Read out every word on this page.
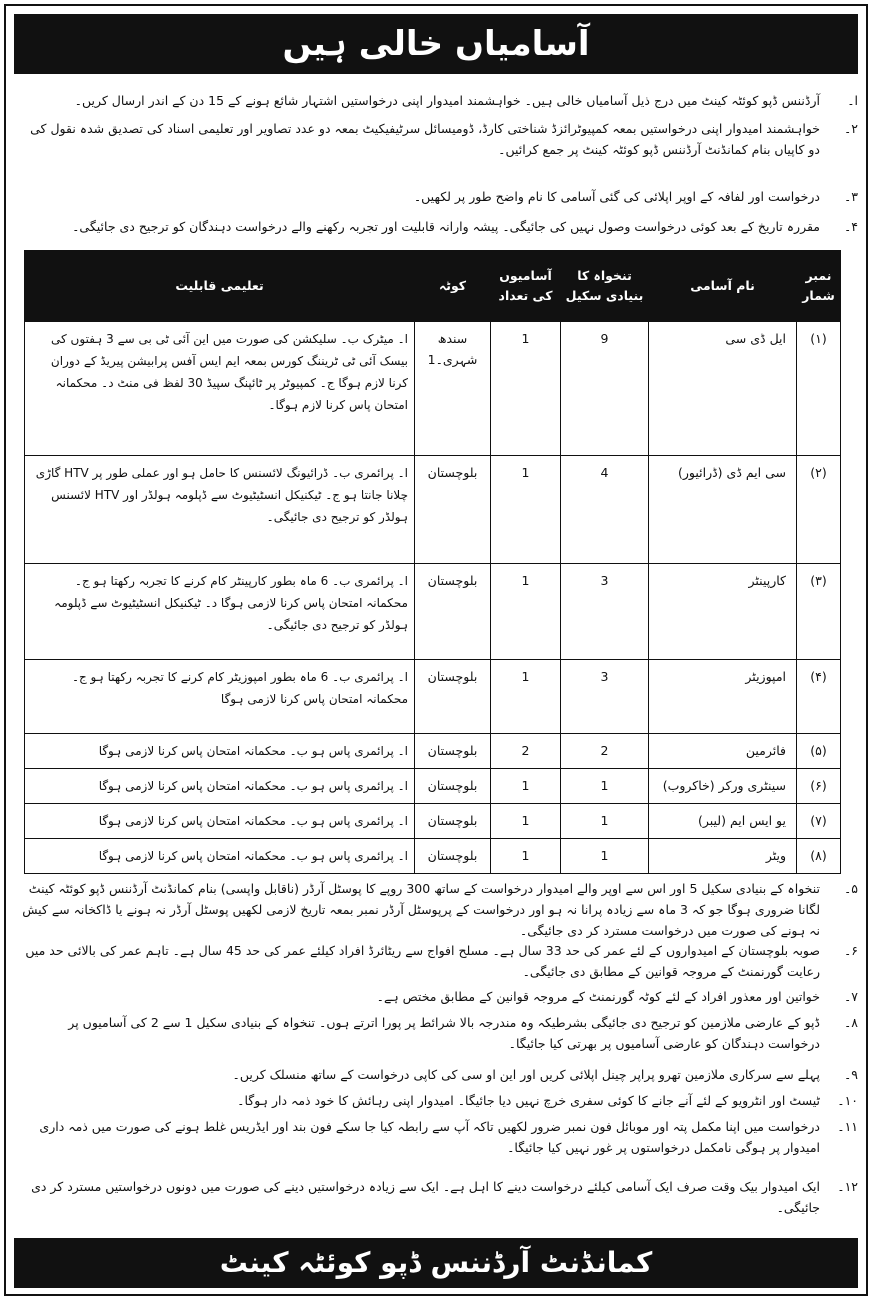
آسامیاں خالی ہیں
ا۔
آرڈننس ڈپو کوئٹہ کینٹ میں درج ذیل آسامیاں خالی ہیں۔ خواہشمند امیدوار اپنی درخواستیں اشتہار شائع ہونے کے 15 دن کے اندر ارسال کریں۔
۲۔
خواہشمند امیدوار اپنی درخواستیں بمعہ کمپیوٹرائزڈ شناختی کارڈ، ڈومیسائل سرٹیفیکیٹ بمعہ دو عدد تصاویر اور تعلیمی اسناد کی تصدیق شدہ نقول کی دو کاپیاں بنام کمانڈنٹ آرڈننس ڈپو کوئٹہ کینٹ پر جمع کرائیں۔
۳۔
درخواست اور لفافہ کے اوپر اپلائی کی گئی آسامی کا نام واضح طور پر لکھیں۔
۴۔
مقررہ تاریخ کے بعد کوئی درخواست وصول نہیں کی جائیگی۔ پیشہ وارانہ قابلیت اور تجربہ رکھنے والے درخواست دہندگان کو ترجیح دی جائیگی۔
نمبر شمار	نام آسامی	تنخواہ کا بنیادی سکیل	آسامیوں کی تعداد	کوٹہ	تعلیمی قابلیت
(۱)	ایل ڈی سی	9	1	سندھ شہری۔1	ا۔ میٹرک ب۔ سلیکشن کی صورت میں این آئی ٹی بی سے 3 ہفتوں کی بیسک آئی ٹی ٹریننگ کورس بمعہ ایم ایس آفس پرابیشن پیریڈ کے دوران کرنا لازم ہوگا ج۔ کمپیوٹر پر ٹائپنگ سپیڈ 30 لفظ فی منٹ د۔ محکمانہ امتحان پاس کرنا لازم ہوگا۔
(۲)	سی ایم ڈی (ڈرائیور)	4	1	بلوچستان	ا۔ پرائمری ب۔ ڈرائیونگ لائسنس کا حامل ہو اور عملی طور پر HTV گاڑی چلانا جانتا ہو ج۔ ٹیکنیکل انسٹیٹیوٹ سے ڈپلومہ ہولڈر اور HTV لائسنس ہولڈر کو ترجیح دی جائیگی۔
(۳)	کارپینٹر	3	1	بلوچستان	ا۔ پرائمری ب۔ 6 ماہ بطور کارپینٹر کام کرنے کا تجربہ رکھتا ہو ج۔ محکمانہ امتحان پاس کرنا لازمی ہوگا د۔ ٹیکنیکل انسٹیٹیوٹ سے ڈپلومہ ہولڈر کو ترجیح دی جائیگی۔
(۴)	امپوزیٹر	3	1	بلوچستان	ا۔ پرائمری ب۔ 6 ماہ بطور امپوزیٹر کام کرنے کا تجربہ رکھتا ہو ج۔ محکمانہ امتحان پاس کرنا لازمی ہوگا
(۵)	فائرمین	2	2	بلوچستان	ا۔ پرائمری پاس ہو ب۔ محکمانہ امتحان پاس کرنا لازمی ہوگا
(۶)	سینٹری ورکر (خاکروب)	1	1	بلوچستان	ا۔ پرائمری پاس ہو ب۔ محکمانہ امتحان پاس کرنا لازمی ہوگا
(۷)	یو ایس ایم (لیبر)	1	1	بلوچستان	ا۔ پرائمری پاس ہو ب۔ محکمانہ امتحان پاس کرنا لازمی ہوگا
(۸)	ویٹر	1	1	بلوچستان	ا۔ پرائمری پاس ہو ب۔ محکمانہ امتحان پاس کرنا لازمی ہوگا
۵۔
تنخواہ کے بنیادی سکیل 5 اور اس سے اوپر والے امیدوار درخواست کے ساتھ 300 روپے کا پوسٹل آرڈر (ناقابل واپسی) بنام کمانڈنٹ آرڈننس ڈپو کوئٹہ کینٹ لگانا ضروری ہوگا جو کہ 3 ماہ سے زیادہ پرانا نہ ہو اور درخواست کے پرپوسٹل آرڈر نمبر بمعہ تاریخ لازمی لکھیں پوسٹل آرڈر نہ ہونے یا ڈاکخانہ سے کیش نہ ہونے کی صورت میں درخواست مسترد کر دی جائیگی۔
۶۔
صوبہ بلوچستان کے امیدواروں کے لئے عمر کی حد 33 سال ہے۔ مسلح افواج سے ریٹائرڈ افراد کیلئے عمر کی حد 45 سال ہے۔ تاہم عمر کی بالائی حد میں رعایت گورنمنٹ کے مروجہ قوانین کے مطابق دی جائیگی۔
۷۔
خواتین اور معذور افراد کے لئے کوٹہ گورنمنٹ کے مروجہ قوانین کے مطابق مختص ہے۔
۸۔
ڈپو کے عارضی ملازمین کو ترجیح دی جائیگی بشرطیکہ وہ مندرجہ بالا شرائط پر پورا اترتے ہوں۔ تنخواہ کے بنیادی سکیل 1 سے 2 کی آسامیوں پر درخواست دہندگان کو عارضی آسامیوں پر بھرتی کیا جائیگا۔
۹۔
پہلے سے سرکاری ملازمین تھرو پراپر چینل اپلائی کریں اور این او سی کی کاپی درخواست کے ساتھ منسلک کریں۔
۱۰۔
ٹیسٹ اور انٹرویو کے لئے آنے جانے کا کوئی سفری خرچ نہیں دیا جائیگا۔ امیدوار اپنی رہائش کا خود ذمہ دار ہوگا۔
۱۱۔
درخواست میں اپنا مکمل پتہ اور موبائل فون نمبر ضرور لکھیں تاکہ آپ سے رابطہ کیا جا سکے فون بند اور ایڈریس غلط ہونے کی صورت میں ذمہ داری امیدوار پر ہوگی نامکمل درخواستوں پر غور نہیں کیا جائیگا۔
۱۲۔
ایک امیدوار بیک وقت صرف ایک آسامی کیلئے درخواست دینے کا اہل ہے۔ ایک سے زیادہ درخواستیں دینے کی صورت میں دونوں درخواستیں مسترد کر دی جائیگی۔
کمانڈنٹ آرڈننس ڈپو کوئٹہ کینٹ
